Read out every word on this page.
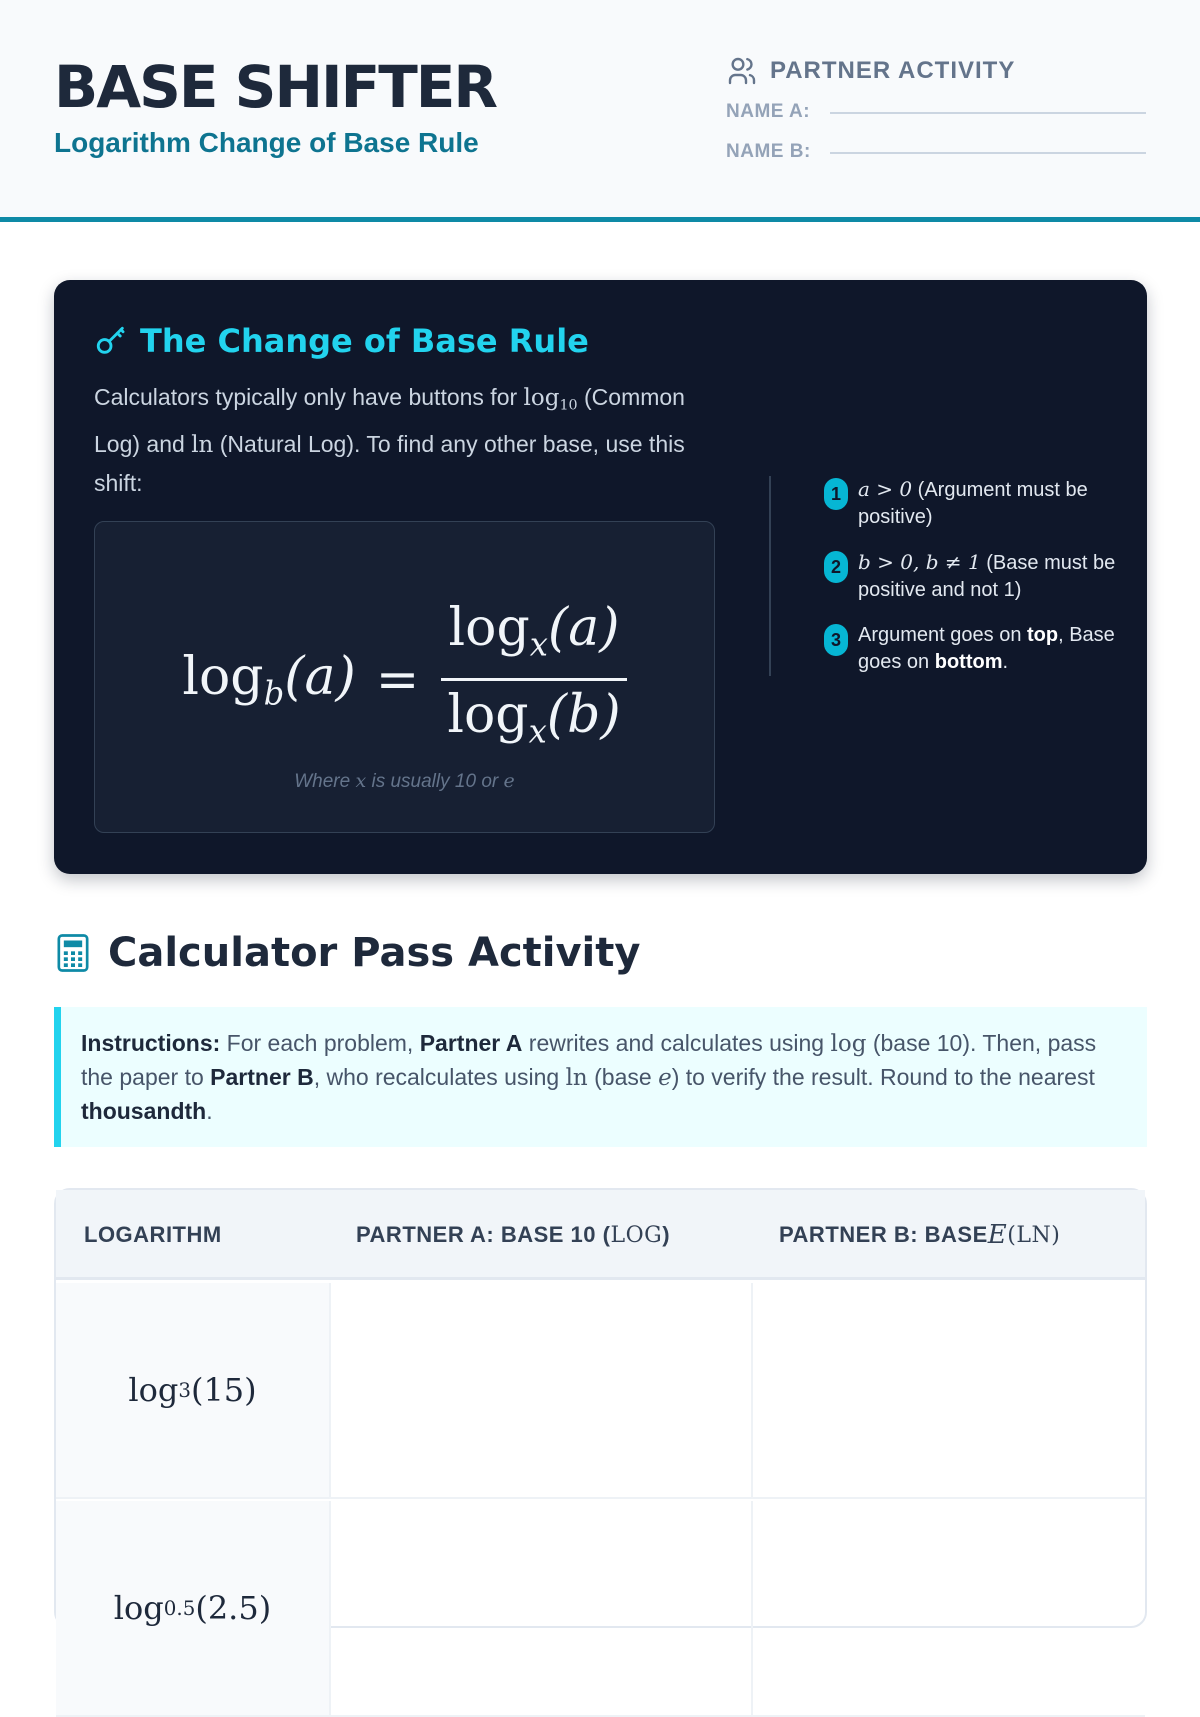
BASE SHIFTER
Logarithm Change of Base Rule
PARTNER ACTIVITY
NAME A:
NAME B:
The Change of Base Rule
Calculators typically only have buttons for $\log_{10}$ (Common Log) and ln (Natural Log). To find any other base, use this shift:
$\log_b(a) = \frac{\log_x(a)}{\log_x(b)}$
Where x is usually 10 or e
1 a > 0 (Argument must be positive)
2 b > 0, b ≠ 1 (Base must be positive and not 1)
3 Argument goes on top, Base goes on bottom.
Calculator Pass Activity
Instructions: For each problem, Partner A rewrites and calculates using log (base 10). Then, pass the paper to Partner B, who recalculates using ln (base e) to verify the result. Round to the nearest thousandth.
LOGARITHM	PARTNER A: BASE 10 ( LOG )	PARTNER B: BASE E (LN)
log 3 (15)
log 0.5 (2.5)
